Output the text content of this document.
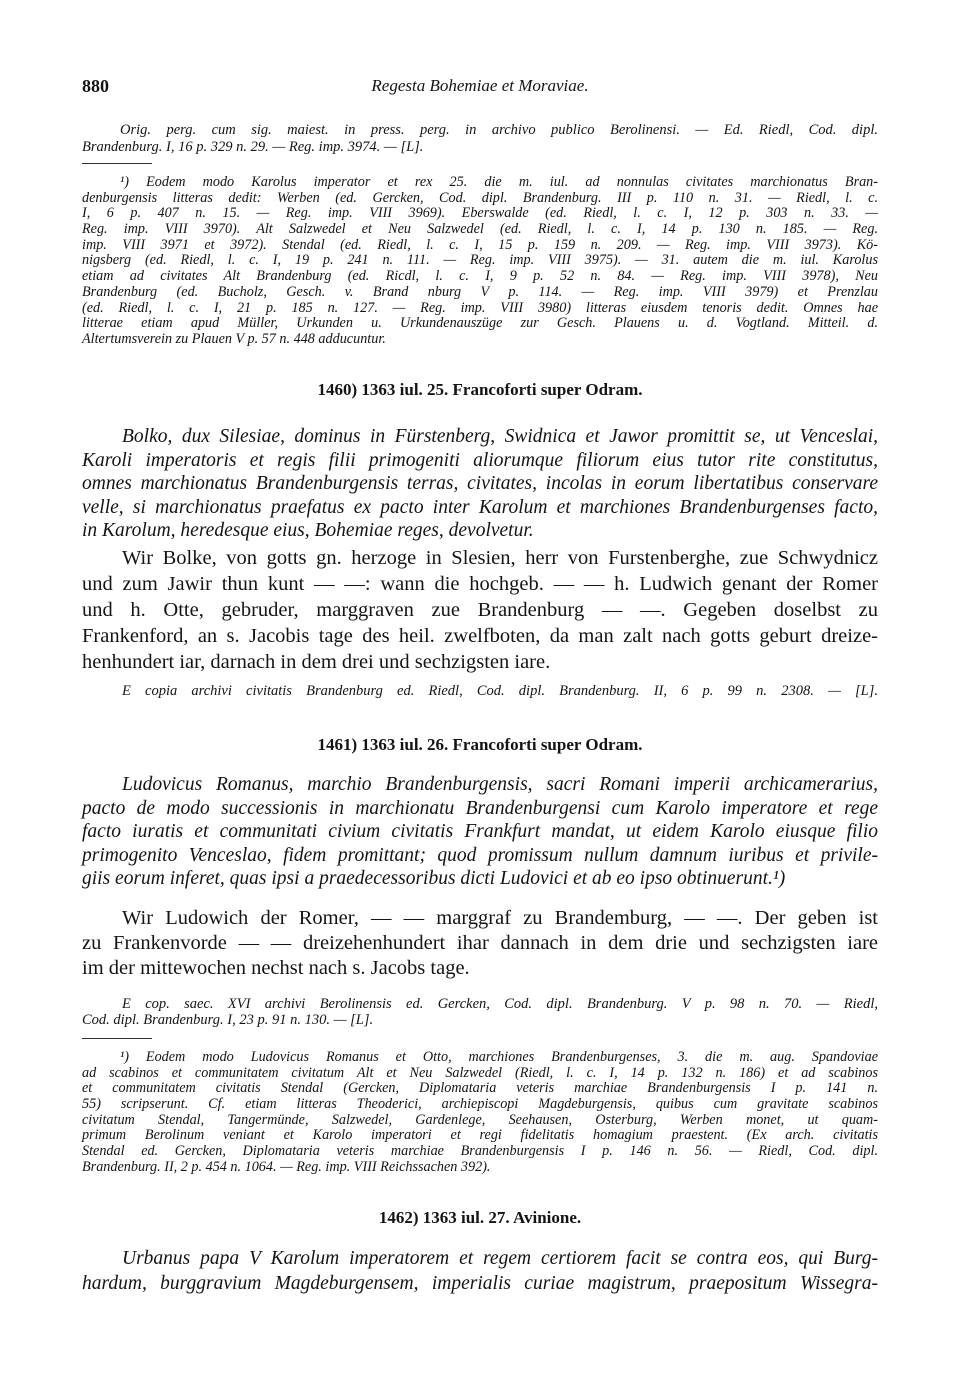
880	Regesta Bohemiae et Moraviae.
Orig. perg. cum sig. maiest. in press. perg. in archivo publico Berolinensi. — Ed. Riedl, Cod. dipl.
Brandenburg. I, 16 p. 329 n. 29. — Reg. imp. 3974. — [L].
¹) Eodem modo Karolus imperator et rex 25. die m. iul. ad nonnulas civitates marchionatus Bran-
denburgensis litteras dedit: Werben (ed. Gercken, Cod. dipl. Brandenburg. III p. 110 n. 31. — Riedl, l. c.
I, 6 p. 407 n. 15. — Reg. imp. VIII 3969). Eberswalde (ed. Riedl, l. c. I, 12 p. 303 n. 33. —
Reg. imp. VIII 3970). Alt Salzwedel et Neu Salzwedel (ed. Riedl, l. c. I, 14 p. 130 n. 185. — Reg.
imp. VIII 3971 et 3972). Stendal (ed. Riedl, l. c. I, 15 p. 159 n. 209. — Reg. imp. VIII 3973). Kö-
nigsberg (ed. Riedl, l. c. I, 19 p. 241 n. 111. — Reg. imp. VIII 3975). — 31. autem die m. iul. Karolus
etiam ad civitates Alt Brandenburg (ed. Ricdl, l. c. I, 9 p. 52 n. 84. — Reg. imp. VIII 3978), Neu
Brandenburg (ed. Bucholz, Gesch. v. Brand nburg V p. 114. — Reg. imp. VIII 3979) et Prenzlau
(ed. Riedl, l. c. I, 21 p. 185 n. 127. — Reg. imp. VIII 3980) litteras eiusdem tenoris dedit. Omnes hae
litterae etiam apud Müller, Urkunden u. Urkundenauszüge zur Gesch. Plauens u. d. Vogtland. Mitteil. d.
Altertumsverein zu Plauen V p. 57 n. 448 adducuntur.
1460) 1363 iul. 25. Francoforti super Odram.
Bolko, dux Silesiae, dominus in Fürstenberg, Swidnica et Jawor promittit se, ut Venceslai,
Karoli imperatoris et regis filii primogeniti aliorumque filiorum eius tutor rite constitutus,
omnes marchionatus Brandenburgensis terras, civitates, incolas in eorum libertatibus conservare
velle, si marchionatus praefatus ex pacto inter Karolum et marchiones Brandenburgenses facto,
in Karolum, heredesque eius, Bohemiae reges, devolvetur.
Wir Bolke, von gotts gn. herzoge in Slesien, herr von Furstenberghe, zue Schwydnicz
und zum Jawir thun kunt — —: wann die hochgeb. — — h. Ludwich genant der Romer
und h. Otte, gebruder, marggraven zue Brandenburg — —. Gegeben doselbst zu
Frankenford, an s. Jacobis tage des heil. zwelfboten, da man zalt nach gotts geburt dreize-
henhundert iar, darnach in dem drei und sechzigsten iare.
E copia archivi civitatis Brandenburg ed. Riedl, Cod. dipl. Brandenburg. II, 6 p. 99 n. 2308. — [L].
1461) 1363 iul. 26. Francoforti super Odram.
Ludovicus Romanus, marchio Brandenburgensis, sacri Romani imperii archicamerarius,
pacto de modo successionis in marchionatu Brandenburgensi cum Karolo imperatore et rege
facto iuratis et communitati civium civitatis Frankfurt mandat, ut eidem Karolo eiusque filio
primogenito Venceslao, fidem promittant; quod promissum nullum damnum iuribus et privile-
giis eorum inferet, quas ipsi a praedecessoribus dicti Ludovici et ab eo ipso obtinuerunt.¹)
Wir Ludowich der Romer, — — marggraf zu Brandemburg, — —. Der geben ist
zu Frankenvorde — — dreizehenhundert ihar dannach in dem drie und sechzigsten iare
im der mittewochen nechst nach s. Jacobs tage.
E cop. saec. XVI archivi Berolinensis ed. Gercken, Cod. dipl. Brandenburg. V p. 98 n. 70. — Riedl,
Cod. dipl. Brandenburg. I, 23 p. 91 n. 130. — [L].
¹) Eodem modo Ludovicus Romanus et Otto, marchiones Brandenburgenses, 3. die m. aug. Spandoviae
ad scabinos et communitatem civitatum Alt et Neu Salzwedel (Riedl, l. c. I, 14 p. 132 n. 186) et ad scabinos
et communitatem civitatis Stendal (Gercken, Diplomataria veteris marchiae Brandenburgensis I p. 141 n.
55) scripserunt. Cf. etiam litteras Theoderici, archiepiscopi Magdeburgensis, quibus cum gravitate scabinos
civitatum Stendal, Tangermünde, Salzwedel, Gardenlege, Seehausen, Osterburg, Werben monet, ut quam-
primum Berolinum veniant et Karolo imperatori et regi fidelitatis homagium praestent. (Ex arch. civitatis
Stendal ed. Gercken, Diplomataria veteris marchiae Brandenburgensis I p. 146 n. 56. — Riedl, Cod. dipl.
Brandenburg. II, 2 p. 454 n. 1064. — Reg. imp. VIII Reichssachen 392).
1462) 1363 iul. 27. Avinione.
Urbanus papa V Karolum imperatorem et regem certiorem facit se contra eos, qui Burg-
hardum, burggravium Magdeburgensem, imperialis curiae magistrum, praepositum Wissegra-
